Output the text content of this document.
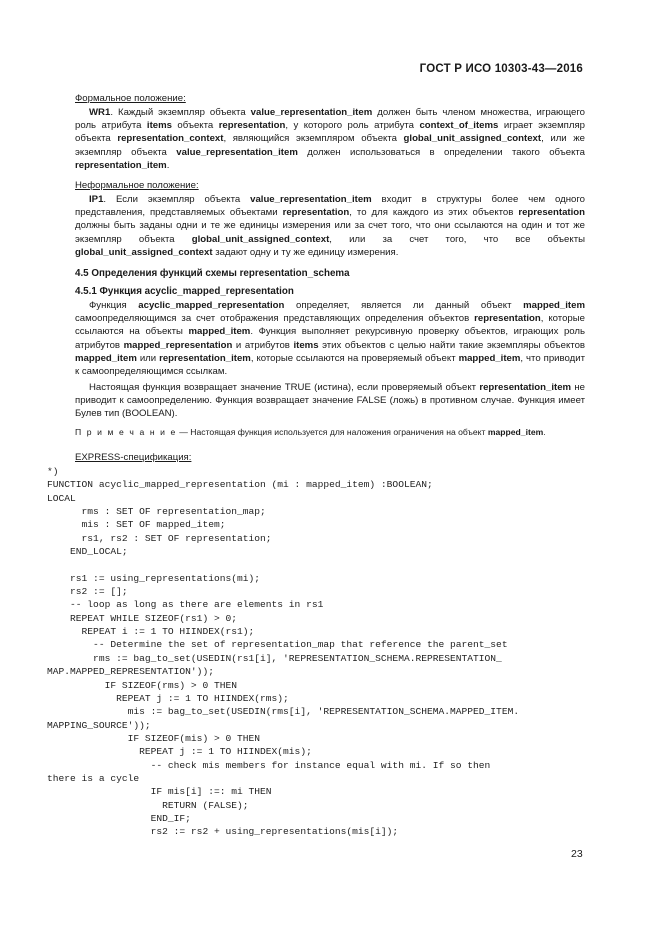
ГОСТ Р ИСО 10303-43—2016
Формальное положение:
WR1. Каждый экземпляр объекта value_representation_item должен быть членом множества, играющего роль атрибута items объекта representation, у которого роль атрибута context_of_items играет экземпляр объекта representation_context, являющийся экземпляром объекта global_unit_assigned_context, или же экземпляр объекта value_representation_item должен использоваться в определении такого объекта representation_item.
Неформальное положение:
IP1. Если экземпляр объекта value_representation_item входит в структуры более чем одного представления, представляемых объектами representation, то для каждого из этих объектов representation должны быть заданы одни и те же единицы измерения или за счет того, что они ссылаются на один и тот же экземпляр объекта global_unit_assigned_context, или за счет того, что все объекты global_unit_assigned_context задают одну и ту же единицу измерения.
4.5 Определения функций схемы representation_schema
4.5.1 Функция acyclic_mapped_representation
Функция acyclic_mapped_representation определяет, является ли данный объект mapped_item самоопределяющимся за счет отображения представляющих определения объектов representation, которые ссылаются на объекты mapped_item. Функция выполняет рекурсивную проверку объектов, играющих роль атрибутов mapped_representation и атрибутов items этих объектов с целью найти такие экземпляры объектов mapped_item или representation_item, которые ссылаются на проверяемый объект mapped_item, что приводит к самоопределяющимся ссылкам.
Настоящая функция возвращает значение TRUE (истина), если проверяемый объект representation_item не приводит к самоопределению. Функция возвращает значение FALSE (ложь) в противном случае. Функция имеет Булев тип (BOOLEAN).
П р и м е ч а н и е — Настоящая функция используется для наложения ограничения на объект mapped_item.
EXPRESS-спецификация:
*)
FUNCTION acyclic_mapped_representation (mi : mapped_item) :BOOLEAN;
LOCAL
rms : SET OF representation_map;
mis : SET OF mapped_item;
rs1, rs2 : SET OF representation;
END_LOCAL;

rs1 := using_representations(mi);
rs2 := [];
-- loop as long as there are elements in rs1
REPEAT WHILE SIZEOF(rs1) > 0;
REPEAT i := 1 TO HIINDEX(rs1);
-- Determine the set of representation_map that reference the parent_set
rms := bag_to_set(USEDIN(rs1[i], 'REPRESENTATION_SCHEMA.REPRESENTATION_
MAP.MAPPED_REPRESENTATION'));
IF SIZEOF(rms) > 0 THEN
REPEAT j := 1 TO HIINDEX(rms);
mis := bag_to_set(USEDIN(rms[i], 'REPRESENTATION_SCHEMA.MAPPED_ITEM.
MAPPING_SOURCE'));
IF SIZEOF(mis) > 0 THEN
REPEAT j := 1 TO HIINDEX(mis);
-- check mis members for instance equal with mi. If so then
there is a cycle
IF mis[i] :=: mi THEN
RETURN (FALSE);
END_IF;
rs2 := rs2 + using_representations(mis[i]);
23
